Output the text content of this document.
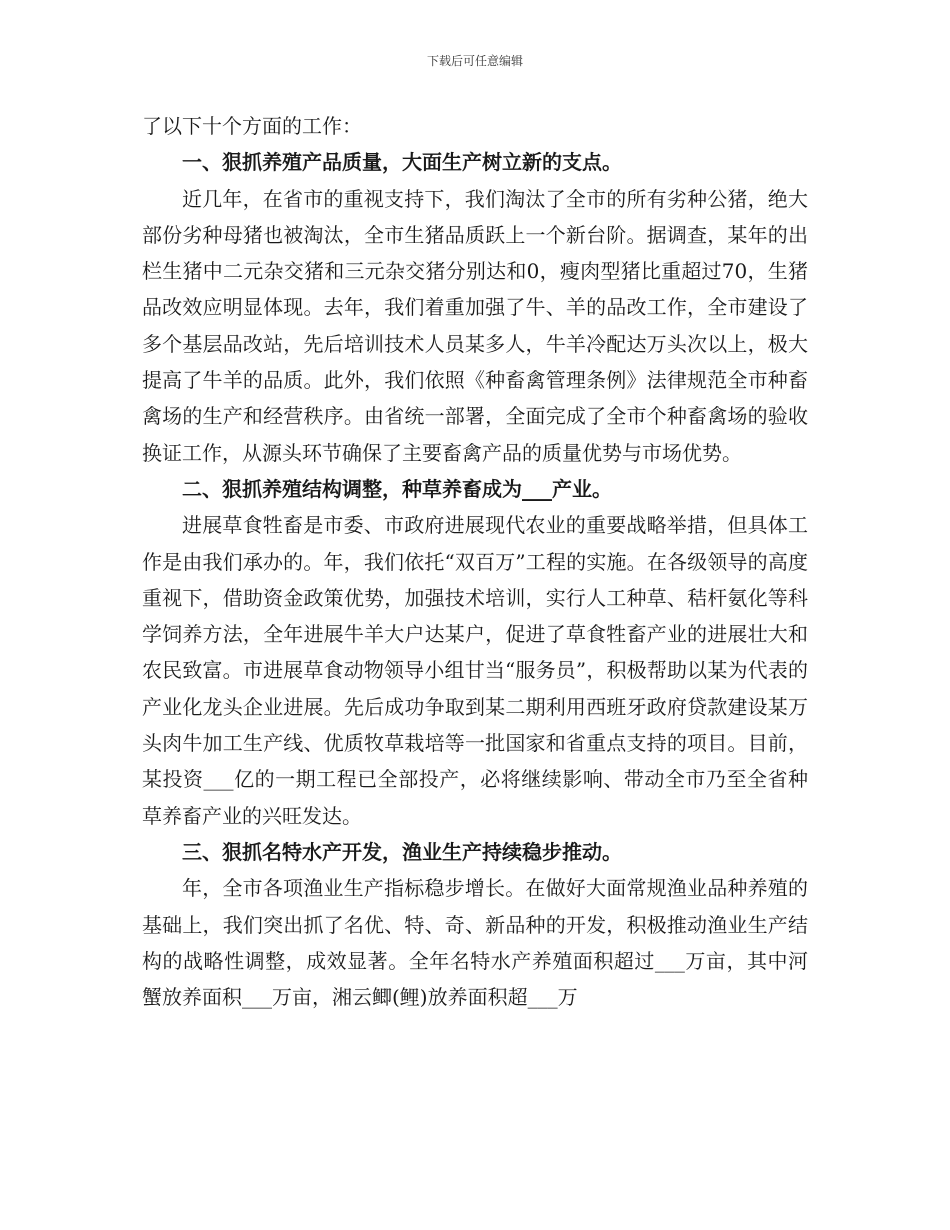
下载后可任意编辑

了以下十个方面的工作：

一、狠抓养殖产品质量，大面生产树立新的支点。

近几年，在省市的重视支持下，我们淘汰了全市的所有劣种公猪，绝大部份劣种母猪也被淘汰，全市生猪品质跃上一个新台阶。据调查，某年的出栏生猪中二元杂交猪和三元杂交猪分别达和0，瘦肉型猪比重超过70，生猪品改效应明显体现。去年，我们着重加强了牛、羊的品改工作，全市建设了多个基层品改站，先后培训技术人员某多人，牛羊冷配达万头次以上，极大提高了牛羊的品质。此外，我们依照《种畜禽管理条例》法律规范全市种畜禽场的生产和经营秩序。由省统一部署，全面完成了全市个种畜禽场的验收换证工作，从源头环节确保了主要畜禽产品的质量优势与市场优势。

二、狠抓养殖结构调整，种草养畜成为___产业。

进展草食牲畜是市委、市政府进展现代农业的重要战略举措，但具体工作是由我们承办的。年，我们依托“双百万”工程的实施。在各级领导的高度重视下，借助资金政策优势，加强技术培训，实行人工种草、秸杆氨化等科学饲养方法，全年进展牛羊大户达某户，促进了草食牲畜产业的进展壮大和农民致富。市进展草食动物领导小组甘当“服务员”，积极帮助以某为代表的产业化龙头企业进展。先后成功争取到某二期利用西班牙政府贷款建设某万头肉牛加工生产线、优质牧草栽培等一批国家和省重点支持的项目。目前，某投资___亿的一期工程已全部投产，必将继续影响、带动全市乃至全省种草养畜产业的兴旺发达。

三、狠抓名特水产开发，渔业生产持续稳步推动。

年，全市各项渔业生产指标稳步增长。在做好大面常规渔业品种养殖的基础上，我们突出抓了名优、特、奇、新品种的开发，积极推动渔业生产结构的战略性调整，成效显著。全年名特水产养殖面积超过___万亩，其中河蟹放养面积___万亩，湘云鲫(鲤)放养面积超___万
